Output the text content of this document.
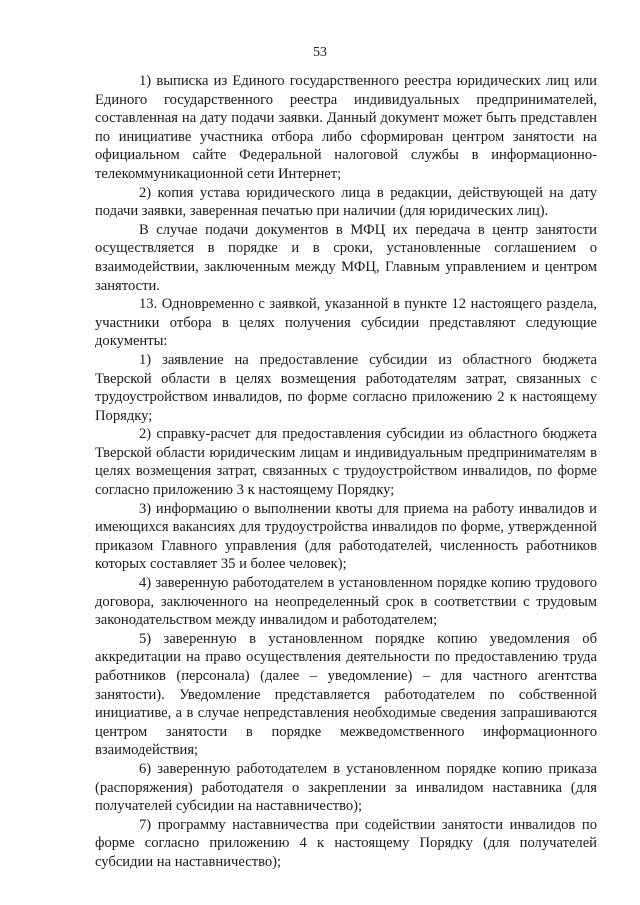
53

1) выписка из Единого государственного реестра юридических лиц или Единого государственного реестра индивидуальных предпринимателей, составленная на дату подачи заявки. Данный документ может быть представлен по инициативе участника отбора либо сформирован центром занятости на официальном сайте Федеральной налоговой службы в информационно-телекоммуникационной сети Интернет;

2) копия устава юридического лица в редакции, действующей на дату подачи заявки, заверенная печатью при наличии (для юридических лиц).

В случае подачи документов в МФЦ их передача в центр занятости осуществляется в порядке и в сроки, установленные соглашением о взаимодействии, заключенным между МФЦ, Главным управлением и центром занятости.

13. Одновременно с заявкой, указанной в пункте 12 настоящего раздела, участники отбора в целях получения субсидии представляют следующие документы:

1) заявление на предоставление субсидии из областного бюджета Тверской области в целях возмещения работодателям затрат, связанных с трудоустройством инвалидов, по форме согласно приложению 2 к настоящему Порядку;

2) справку-расчет для предоставления субсидии из областного бюджета Тверской области юридическим лицам и индивидуальным предпринимателям в целях возмещения затрат, связанных с трудоустройством инвалидов, по форме согласно приложению 3 к настоящему Порядку;

3) информацию о выполнении квоты для приема на работу инвалидов и имеющихся вакансиях для трудоустройства инвалидов по форме, утвержденной приказом Главного управления (для работодателей, численность работников которых составляет 35 и более человек);

4) заверенную работодателем в установленном порядке копию трудового договора, заключенного на неопределенный срок в соответствии с трудовым законодательством между инвалидом и работодателем;

5) заверенную в установленном порядке копию уведомления об аккредитации на право осуществления деятельности по предоставлению труда работников (персонала) (далее – уведомление) – для частного агентства занятости). Уведомление представляется работодателем по собственной инициативе, а в случае непредставления необходимые сведения запрашиваются центром занятости в порядке межведомственного информационного взаимодействия;

6) заверенную работодателем в установленном порядке копию приказа (распоряжения) работодателя о закреплении за инвалидом наставника (для получателей субсидии на наставничество);

7) программу наставничества при содействии занятости инвалидов по форме согласно приложению 4 к настоящему Порядку (для получателей субсидии на наставничество);
